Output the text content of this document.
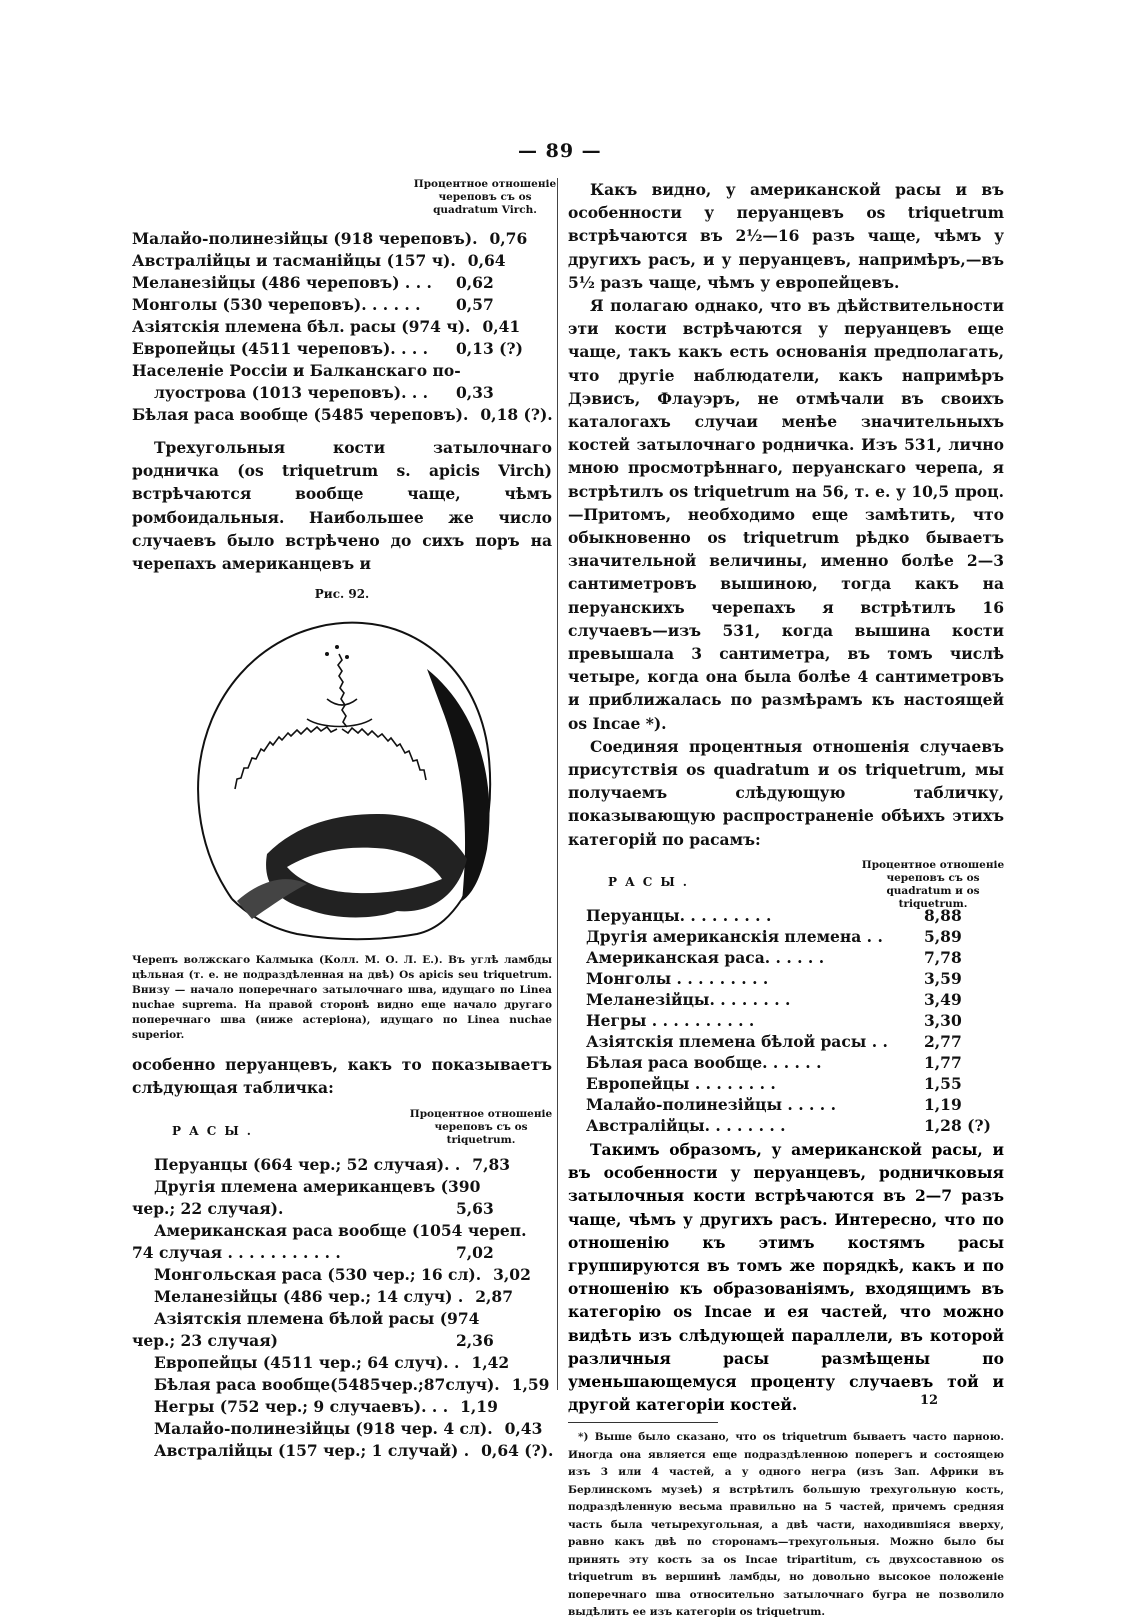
— 89 —
Процентное отношеніе череповъ съ os quadratum Virch.
Малайо-полинезійцы (918 череповъ). 0,76
Австралійцы и тасманійцы (157 ч). 0,64
Меланезійцы (486 череповъ) . . .	0,62
Монголы (530 череповъ). . . . . .	0,57
Азіятскія племена бѣл. расы (974 ч). 0,41
Европейцы (4511 череповъ). . . .	0,13 (?)
Населеніе Россіи и Балканскаго по-
луострова (1013 череповъ). . .	0,33
Бѣлая раса вообще (5485 череповъ). 0,18 (?).

Трехугольныя кости затылочнаго родничка (os triquetrum s. apicis Virch) встрѣчаются вообще чаще, чѣмъ ромбоидальныя. Наибольшее же число случаевъ было встрѣчено до сихъ поръ на черепахъ американцевъ и

Рис. 92.

Черепъ волжскаго Калмыка (Колл. М. О. Л. Е.). Въ углѣ ламбды цѣльная (т. е. не подраздѣленная на двѣ) Os apicis seu triquetrum. Внизу — начало поперечнаго затылочнаго шва, идущаго по Linea nuchae suprema. На правой сторонѣ видно еще начало другаго поперечнаго шва (ниже астеріона), идущаго по Linea nuchae superior.

особенно перуанцевъ, какъ то показываетъ слѣдующая табличка:

РАСЫ.
Процентное отношеніе череповъ съ os triquetrum.
Перуанцы (664 чер.; 52 случая). . 7,83
Другія племена американцевъ (390
чер.; 22 случая).	5,63
Американская раса вообще (1054 череп.
74 случая . . . . . . . . . . .	7,02
Монгольская раса (530 чер.; 16 сл). 3,02
Меланезійцы (486 чер.; 14 случ) . 2,87
Азіятскія племена бѣлой расы (974
чер.; 23 случая)	2,36
Европейцы (4511 чер.; 64 случ). . 1,42
Бѣлая раса вообще(5485чер.;87случ). 1,59
Негры (752 чер.; 9 случаевъ). . . 1,19
Малайо-полинезійцы (918 чер. 4 сл). 0,43
Австралійцы (157 чер.; 1 случай) . 0,64 (?).

Какъ видно, у американской расы и въ особенности у перуанцевъ os triquetrum встрѣчаются въ 2½—16 разъ чаще, чѣмъ у другихъ расъ, и у перуанцевъ, напримѣръ,—въ 5½ разъ чаще, чѣмъ у европейцевъ.

Я полагаю однако, что въ дѣйствительности эти кости встрѣчаются у перуанцевъ еще чаще, такъ какъ есть основанія предполагать, что другіе наблюдатели, какъ напримѣръ Дэвисъ, Флауэръ, не отмѣчали въ своихъ каталогахъ случаи менѣе значительныхъ костей затылочнаго родничка. Изъ 531, лично мною просмотрѣннаго, перуанскаго черепа, я встрѣтилъ os triquetrum на 56, т. е. у 10,5 проц.—Притомъ, необходимо еще замѣтить, что обыкновенно os triquetrum рѣдко бываетъ значительной величины, именно болѣе 2—3 сантиметровъ вышиною, тогда какъ на перуанскихъ черепахъ я встрѣтилъ 16 случаевъ—изъ 531, когда вышина кости превышала 3 сантиметра, въ томъ числѣ четыре, когда она была болѣе 4 сантиметровъ и приближалась по размѣрамъ къ настоящей os Incae *).

Соединяя процентныя отношенія случаевъ присутствія os quadratum и os triquetrum, мы получаемъ слѣдующую табличку, показывающую распространеніе обѣихъ этихъ категорій по расамъ:

РАСЫ.
Процентное отношеніе череповъ съ os quadratum и os triquetrum.
Перуанцы. . . . . . . . .	8,88
Другія американскія племена . .	5,89
Американская раса. . . . . .	7,78
Монголы . . . . . . . . .	3,59
Меланезійцы. . . . . . . .	3,49
Негры . . . . . . . . . .	3,30
Азіятскія племена бѣлой расы . .	2,77
Бѣлая раса вообще. . . . . .	1,77
Европейцы . . . . . . . .	1,55
Малайо-полинезійцы . . . . .	1,19
Австралійцы. . . . . . . .	1,28 (?)

Такимъ образомъ, у американской расы, и въ особенности у перуанцевъ, родничковыя затылочныя кости встрѣчаются въ 2—7 разъ чаще, чѣмъ у другихъ расъ. Интересно, что по отношенію къ этимъ костямъ расы группируются въ томъ же порядкѣ, какъ и по отношенію къ образованіямъ, входящимъ въ категорію os Incae и ея частей, что можно видѣть изъ слѣдующей параллели, въ которой различныя расы размѣщены по уменьшающемуся проценту случаевъ той и другой категоріи костей.

*) Выше было сказано, что os triquetrum бываетъ часто парною. Иногда она является еще подраздѣленною поперегъ и состоящею изъ 3 или 4 частей, а у одного негра (изъ Зап. Африки въ Берлинскомъ музеѣ) я встрѣтилъ большую трехугольную кость, подраздѣленную весьма правильно на 5 частей, причемъ средняя часть была четырехугольная, а двѣ части, находившіяся вверху, равно какъ двѣ по сторонамъ—трехугольныя. Можно было бы принять эту кость за os Incae tripartitum, съ двухсоставною os triquetrum въ вершинѣ ламбды, но довольно высокое положеніе поперечнаго шва относительно затылочнаго бугра не позволило выдѣлить ее изъ категоріи os triquetrum.

12
